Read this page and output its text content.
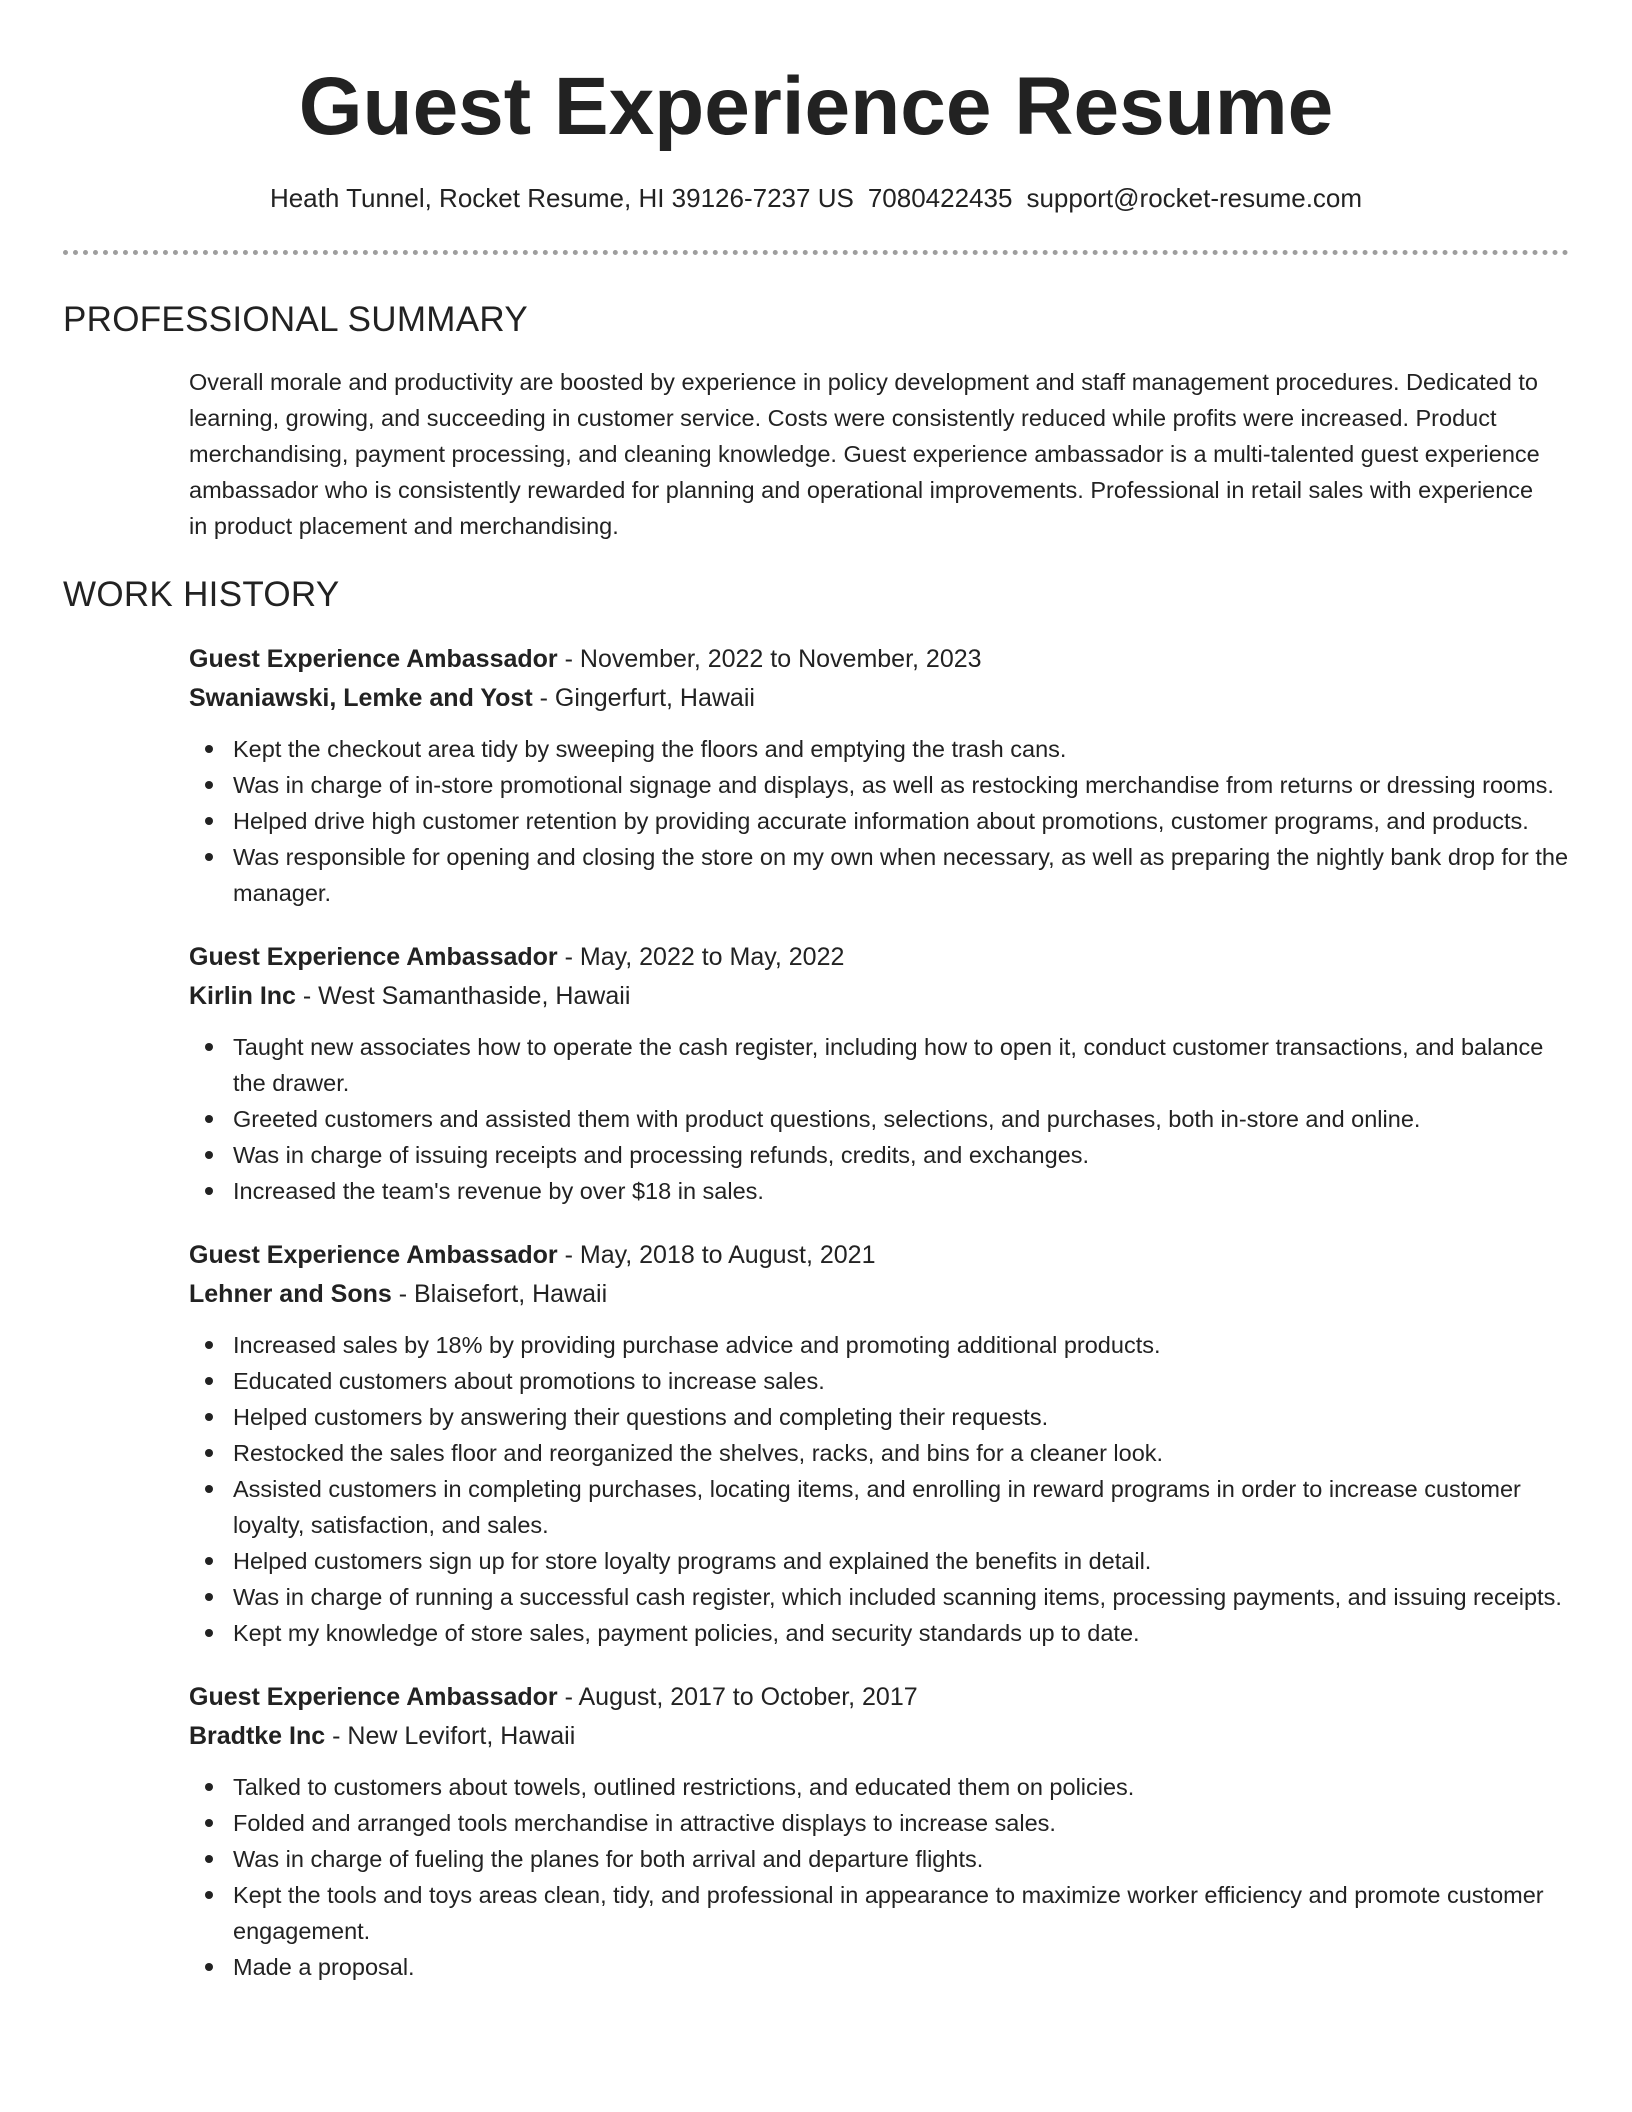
Guest Experience Resume
Heath Tunnel, Rocket Resume, HI 39126-7237 US 7080422435 support@rocket-resume.com
PROFESSIONAL SUMMARY
Overall morale and productivity are boosted by experience in policy development and staff management procedures. Dedicated to learning, growing, and succeeding in customer service. Costs were consistently reduced while profits were increased. Product merchandising, payment processing, and cleaning knowledge. Guest experience ambassador is a multi-talented guest experience ambassador who is consistently rewarded for planning and operational improvements. Professional in retail sales with experience in product placement and merchandising.
WORK HISTORY
Guest Experience Ambassador - November, 2022 to November, 2023
Swaniawski, Lemke and Yost - Gingerfurt, Hawaii
Kept the checkout area tidy by sweeping the floors and emptying the trash cans.
Was in charge of in-store promotional signage and displays, as well as restocking merchandise from returns or dressing rooms.
Helped drive high customer retention by providing accurate information about promotions, customer programs, and products.
Was responsible for opening and closing the store on my own when necessary, as well as preparing the nightly bank drop for the manager.
Guest Experience Ambassador - May, 2022 to May, 2022
Kirlin Inc - West Samanthaside, Hawaii
Taught new associates how to operate the cash register, including how to open it, conduct customer transactions, and balance the drawer.
Greeted customers and assisted them with product questions, selections, and purchases, both in-store and online.
Was in charge of issuing receipts and processing refunds, credits, and exchanges.
Increased the team's revenue by over $18 in sales.
Guest Experience Ambassador - May, 2018 to August, 2021
Lehner and Sons - Blaisefort, Hawaii
Increased sales by 18% by providing purchase advice and promoting additional products.
Educated customers about promotions to increase sales.
Helped customers by answering their questions and completing their requests.
Restocked the sales floor and reorganized the shelves, racks, and bins for a cleaner look.
Assisted customers in completing purchases, locating items, and enrolling in reward programs in order to increase customer loyalty, satisfaction, and sales.
Helped customers sign up for store loyalty programs and explained the benefits in detail.
Was in charge of running a successful cash register, which included scanning items, processing payments, and issuing receipts.
Kept my knowledge of store sales, payment policies, and security standards up to date.
Guest Experience Ambassador - August, 2017 to October, 2017
Bradtke Inc - New Levifort, Hawaii
Talked to customers about towels, outlined restrictions, and educated them on policies.
Folded and arranged tools merchandise in attractive displays to increase sales.
Was in charge of fueling the planes for both arrival and departure flights.
Kept the tools and toys areas clean, tidy, and professional in appearance to maximize worker efficiency and promote customer engagement.
Made a proposal.
